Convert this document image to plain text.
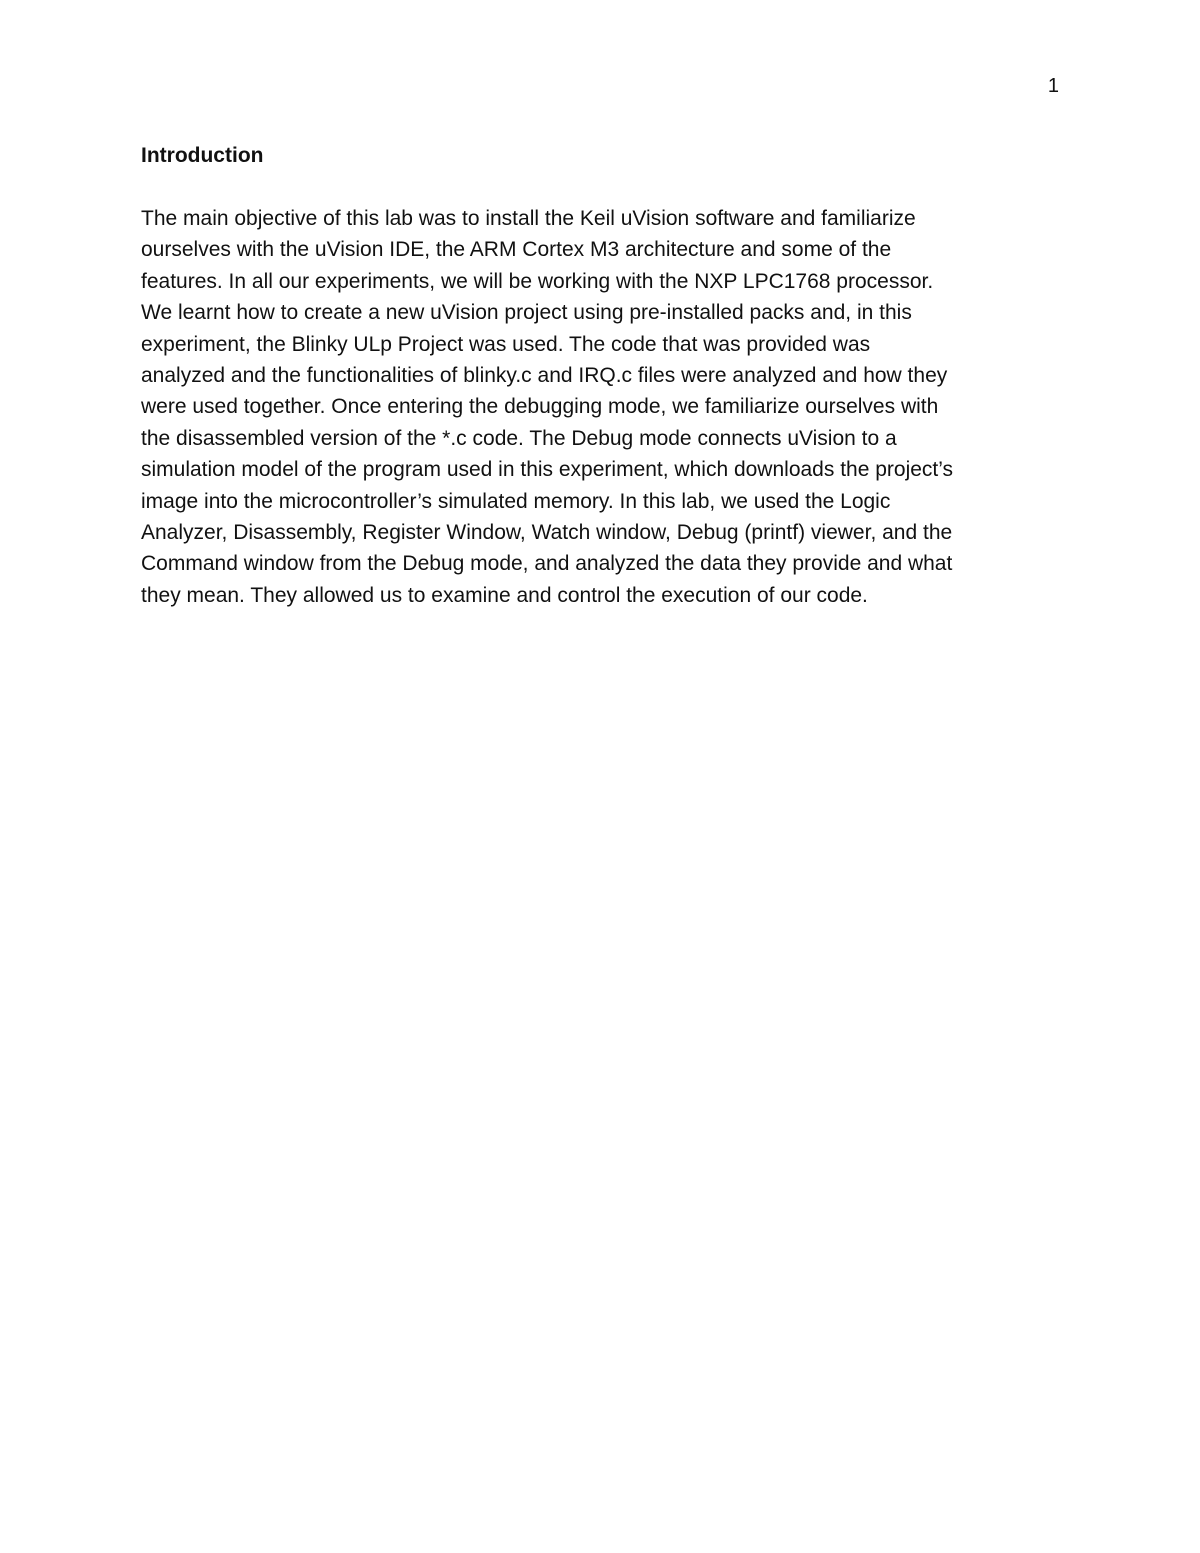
1
Introduction
The main objective of this lab was to install the Keil uVision software and familiarize
ourselves with the uVision IDE, the ARM Cortex M3 architecture and some of the
features. In all our experiments, we will be working with the NXP LPC1768 processor.
We learnt how to create a new uVision project using pre-installed packs and, in this
experiment, the Blinky ULp Project was used. The code that was provided was
analyzed and the functionalities of blinky.c and IRQ.c files were analyzed and how they
were used together. Once entering the debugging mode, we familiarize ourselves with
the disassembled version of the *.c code. The Debug mode connects uVision to a
simulation model of the program used in this experiment, which downloads the project’s
image into the microcontroller’s simulated memory. In this lab, we used the Logic
Analyzer, Disassembly, Register Window, Watch window, Debug (printf) viewer, and the
Command window from the Debug mode, and analyzed the data they provide and what
they mean. They allowed us to examine and control the execution of our code.
